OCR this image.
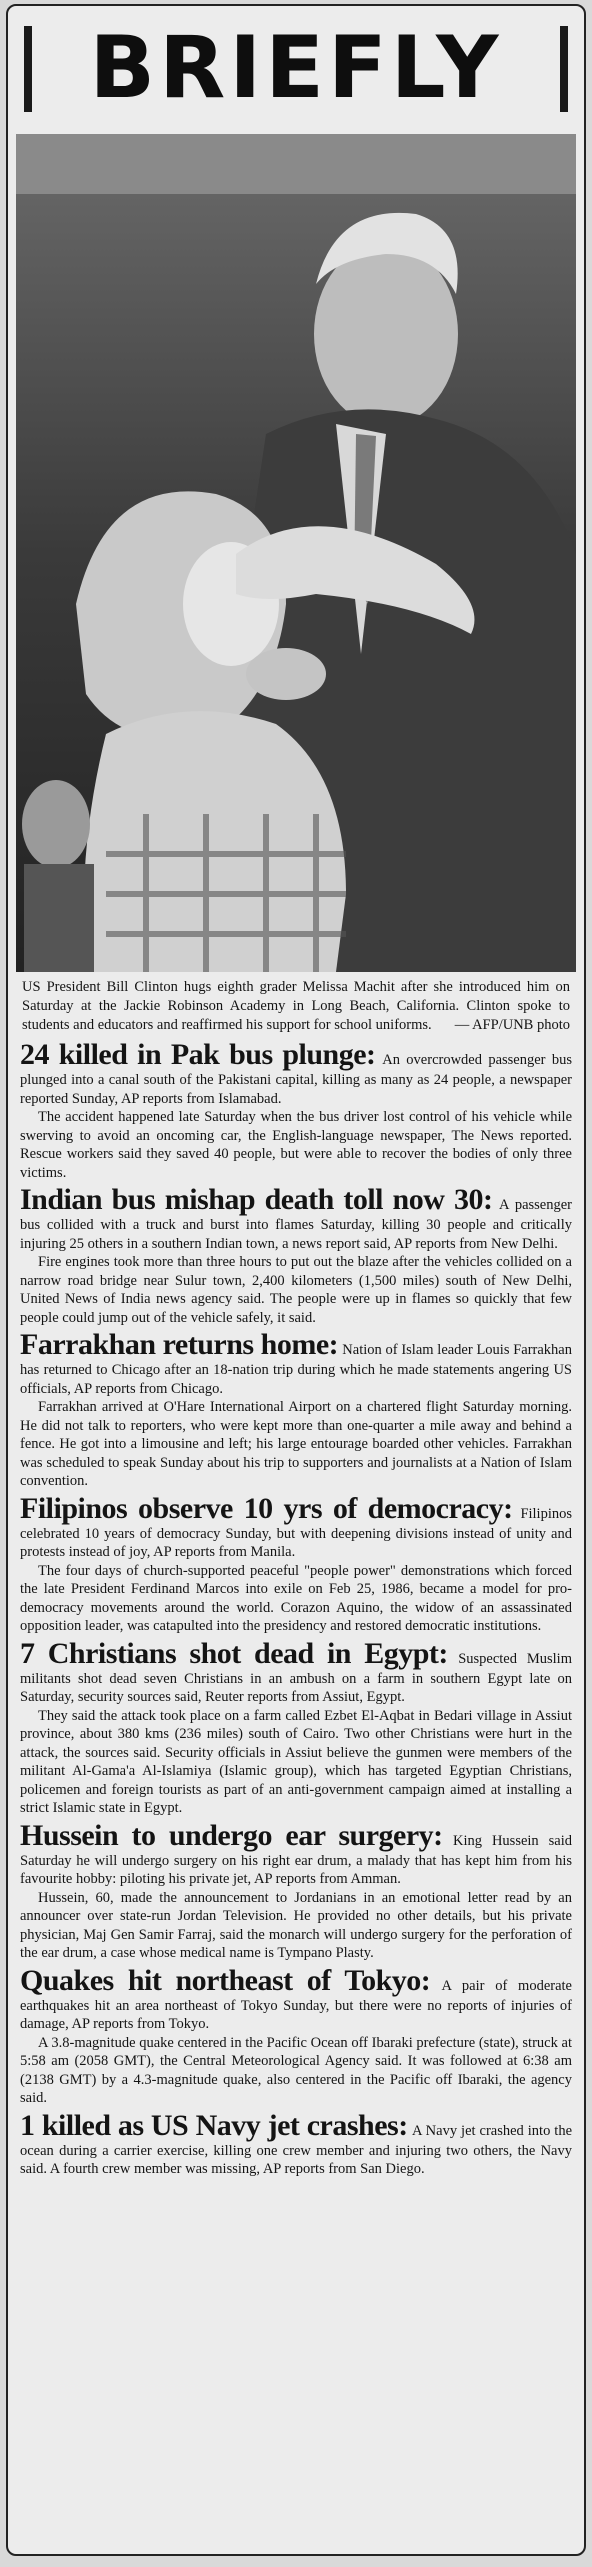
BRIEFLY
US President Bill Clinton hugs eighth grader Melissa Machit after she introduced him on Saturday at the Jackie Robinson Academy in Long Beach, California. Clinton spoke to students and educators and reaffirmed his support for school uniforms. — AFP/UNB photo

24 killed in Pak bus plunge: An overcrowded passenger bus plunged into a canal south of the Pakistani capital, killing as many as 24 people, a newspaper reported Sunday, AP reports from Islamabad.

The accident happened late Saturday when the bus driver lost control of his vehicle while swerving to avoid an oncoming car, the English-language newspaper, The News reported. Rescue workers said they saved 40 people, but were able to recover the bodies of only three victims.

Indian bus mishap death toll now 30: A passenger bus collided with a truck and burst into flames Saturday, killing 30 people and critically injuring 25 others in a southern Indian town, a news report said, AP reports from New Delhi.

Fire engines took more than three hours to put out the blaze after the vehicles collided on a narrow road bridge near Sulur town, 2,400 kilometers (1,500 miles) south of New Delhi, United News of India news agency said. The people were up in flames so quickly that few people could jump out of the vehicle safely, it said.

Farrakhan returns home: Nation of Islam leader Louis Farrakhan has returned to Chicago after an 18-nation trip during which he made statements angering US officials, AP reports from Chicago.

Farrakhan arrived at O'Hare International Airport on a chartered flight Saturday morning. He did not talk to reporters, who were kept more than one-quarter a mile away and behind a fence. He got into a limousine and left; his large entourage boarded other vehicles. Farrakhan was scheduled to speak Sunday about his trip to supporters and journalists at a Nation of Islam convention.

Filipinos observe 10 yrs of democracy: Filipinos celebrated 10 years of democracy Sunday, but with deepening divisions instead of unity and protests instead of joy, AP reports from Manila.

The four days of church-supported peaceful "people power" demonstrations which forced the late President Ferdinand Marcos into exile on Feb 25, 1986, became a model for pro-democracy movements around the world. Corazon Aquino, the widow of an assassinated opposition leader, was catapulted into the presidency and restored democratic institutions.

7 Christians shot dead in Egypt: Suspected Muslim militants shot dead seven Christians in an ambush on a farm in southern Egypt late on Saturday, security sources said, Reuter reports from Assiut, Egypt.

They said the attack took place on a farm called Ezbet El-Aqbat in Bedari village in Assiut province, about 380 kms (236 miles) south of Cairo. Two other Christians were hurt in the attack, the sources said. Security officials in Assiut believe the gunmen were members of the militant Al-Gama'a Al-Islamiya (Islamic group), which has targeted Egyptian Christians, policemen and foreign tourists as part of an anti-government campaign aimed at installing a strict Islamic state in Egypt.

Hussein to undergo ear surgery: King Hussein said Saturday he will undergo surgery on his right ear drum, a malady that has kept him from his favourite hobby: piloting his private jet, AP reports from Amman.

Hussein, 60, made the announcement to Jordanians in an emotional letter read by an announcer over state-run Jordan Television. He provided no other details, but his private physician, Maj Gen Samir Farraj, said the monarch will undergo surgery for the perforation of the ear drum, a case whose medical name is Tympano Plasty.

Quakes hit northeast of Tokyo: A pair of moderate earthquakes hit an area northeast of Tokyo Sunday, but there were no reports of injuries of damage, AP reports from Tokyo.

A 3.8-magnitude quake centered in the Pacific Ocean off Ibaraki prefecture (state), struck at 5:58 am (2058 GMT), the Central Meteorological Agency said. It was followed at 6:38 am (2138 GMT) by a 4.3-magnitude quake, also centered in the Pacific off Ibaraki, the agency said.

1 killed as US Navy jet crashes: A Navy jet crashed into the ocean during a carrier exercise, killing one crew member and injuring two others, the Navy said. A fourth crew member was missing, AP reports from San Diego.
